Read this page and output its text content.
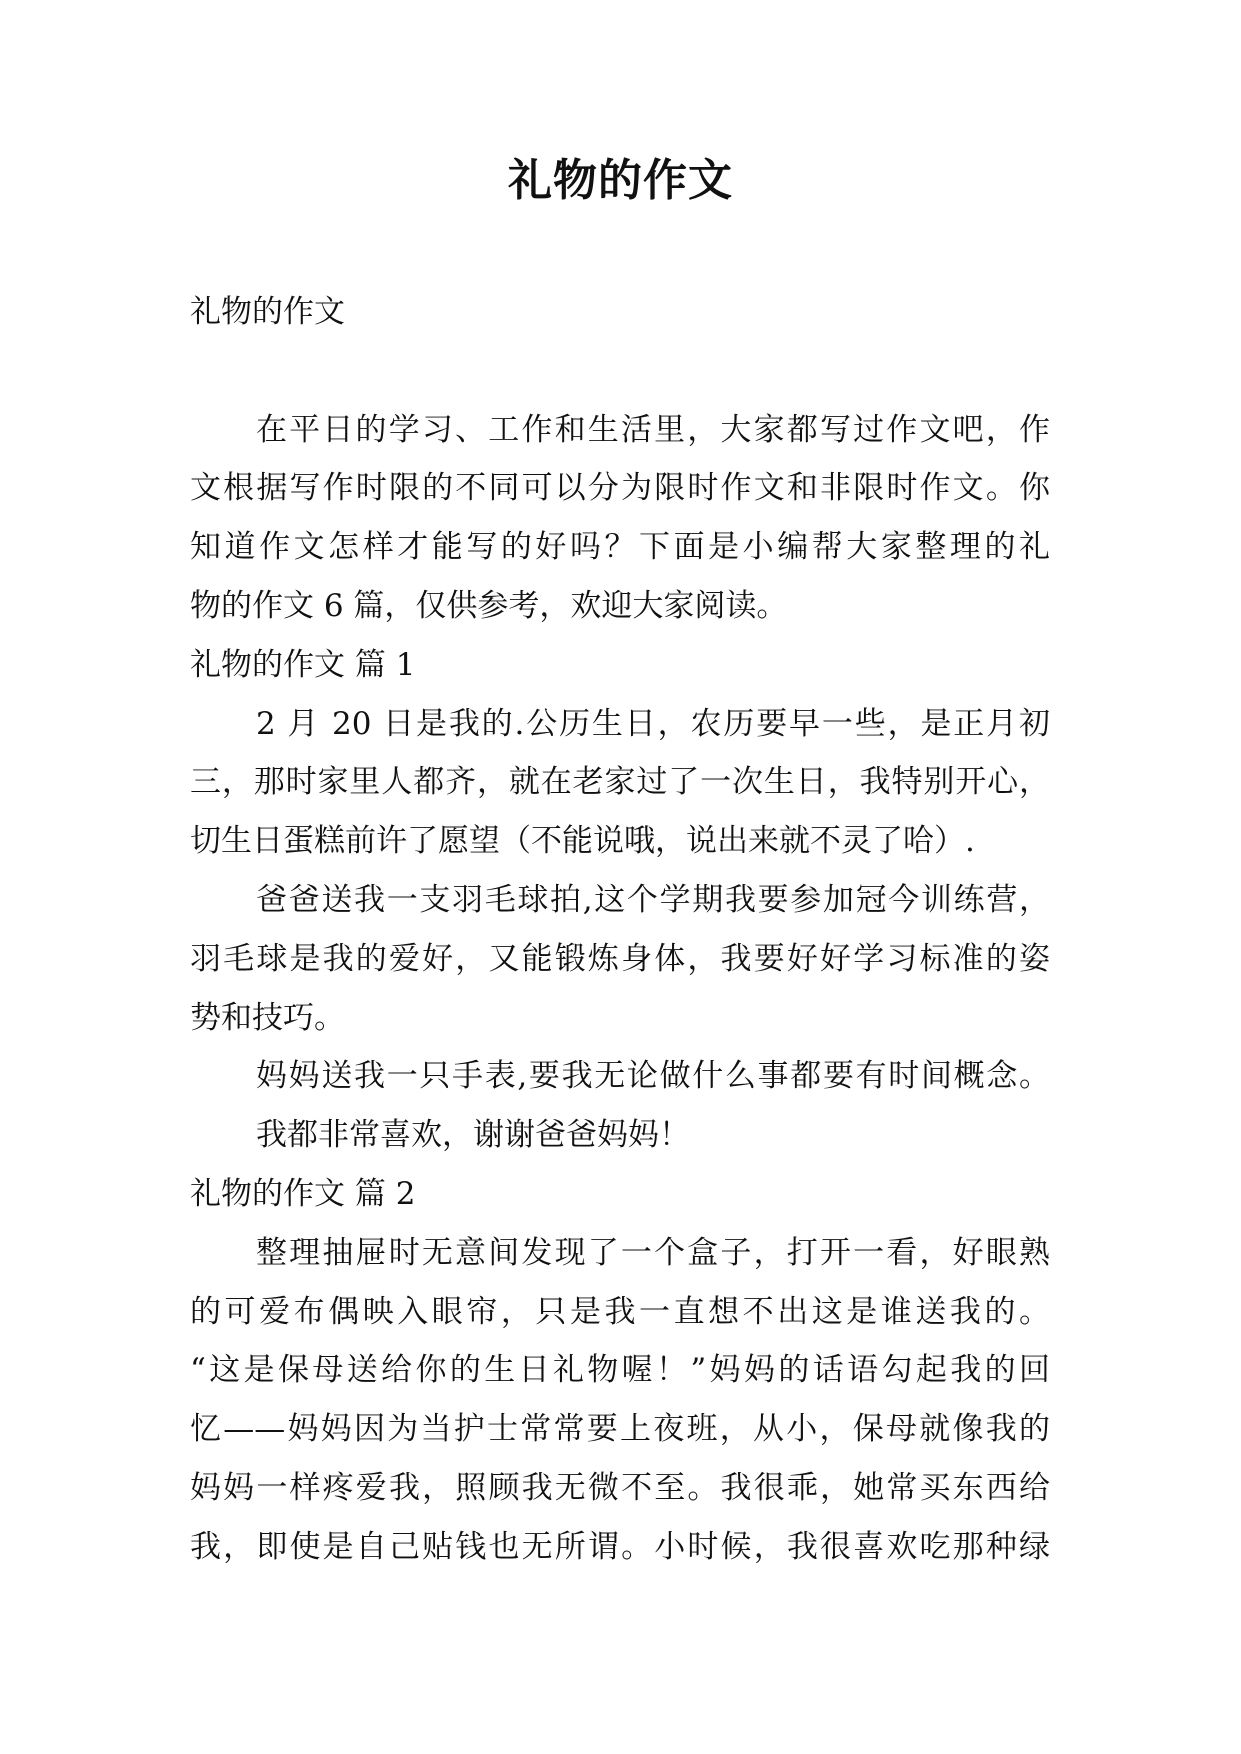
礼物的作文
礼物的作文
在平日的学习、工作和生活里，大家都写过作文吧，作
文根据写作时限的不同可以分为限时作文和非限时作文。你
知道作文怎样才能写的好吗？下面是小编帮大家整理的礼
物的作文 6 篇，仅供参考，欢迎大家阅读。
礼物的作文 篇 1
2 月 20 日是我的.公历生日，农历要早一些，是正月初
三，那时家里人都齐，就在老家过了一次生日，我特别开心，
切生日蛋糕前许了愿望（不能说哦，说出来就不灵了哈）.
爸爸送我一支羽毛球拍,这个学期我要参加冠今训练营，
羽毛球是我的爱好，又能锻炼身体，我要好好学习标准的姿
势和技巧。
妈妈送我一只手表,要我无论做什么事都要有时间概念。
我都非常喜欢，谢谢爸爸妈妈！
礼物的作文 篇 2
整理抽屉时无意间发现了一个盒子，打开一看，好眼熟
的可爱布偶映入眼帘，只是我一直想不出这是谁送我的。
“这是保母送给你的生日礼物喔！”妈妈的话语勾起我的回
忆——妈妈因为当护士常常要上夜班，从小，保母就像我的
妈妈一样疼爱我，照顾我无微不至。我很乖，她常买东西给
我，即使是自己贴钱也无所谓。小时候，我很喜欢吃那种绿
